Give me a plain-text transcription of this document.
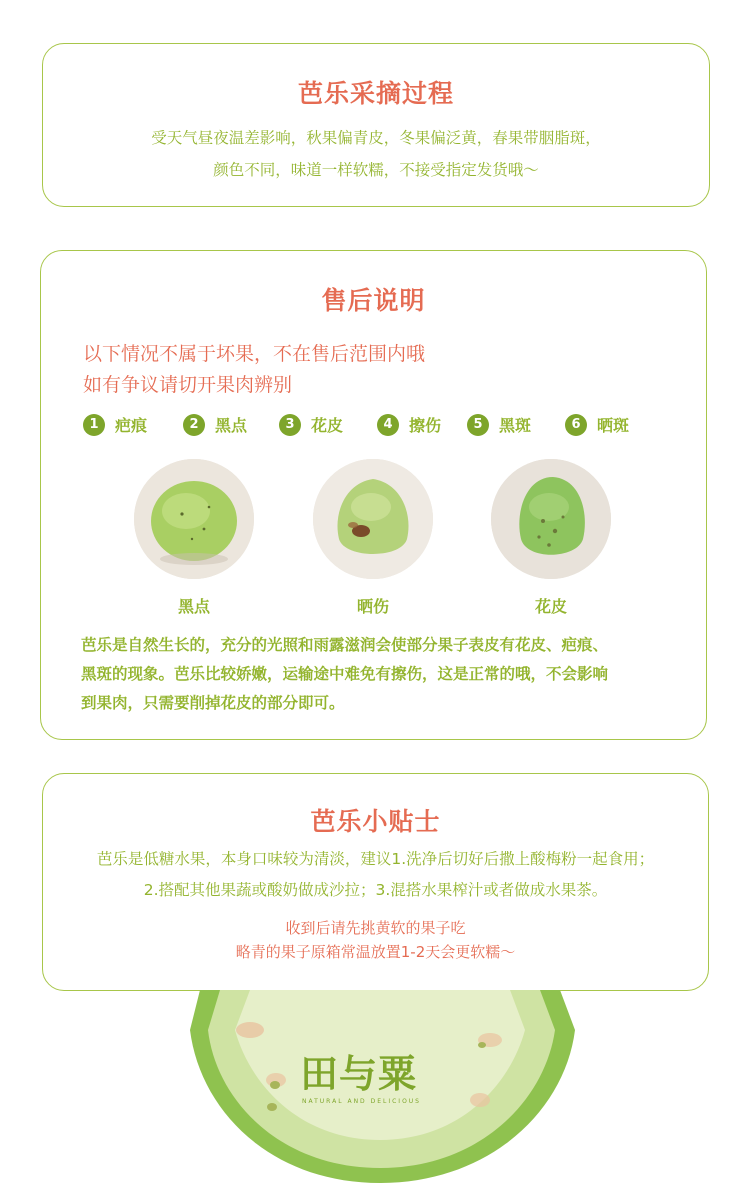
芭乐采摘过程
受天气昼夜温差影响，秋果偏青皮，冬果偏泛黄，春果带胭脂斑，
颜色不同，味道一样软糯，不接受指定发货哦～
售后说明
以下情况不属于坏果，不在售后范围内哦
如有争议请切开果肉辨别
1	疤痕	2	黑点	3	花皮	4	擦伤	5	黑斑	6	晒斑
黑点	晒伤	花皮
芭乐是自然生长的，充分的光照和雨露滋润会使部分果子表皮有花皮、疤痕、
黑斑的现象。芭乐比较娇嫩，运输途中难免有擦伤，这是正常的哦，不会影响
到果肉，只需要削掉花皮的部分即可。
芭乐小贴士
芭乐是低糖水果，本身口味较为清淡，建议1.洗净后切好后撒上酸梅粉一起食用；
2.搭配其他果蔬或酸奶做成沙拉；3.混搭水果榨汁或者做成水果茶。
收到后请先挑黄软的果子吃
略青的果子原箱常温放置1-2天会更软糯～
田与粟
NATURAL AND DELICIOUS
